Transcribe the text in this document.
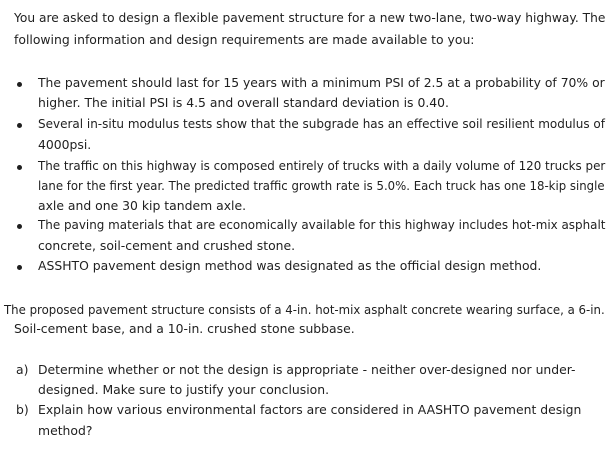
You are asked to design a flexible pavement structure for a new two-lane, two-way highway. The
following information and design requirements are made available to you:
The pavement should last for 15 years with a minimum PSI of 2.5 at a probability of 70% or
higher. The initial PSI is 4.5 and overall standard deviation is 0.40.
Several in-situ modulus tests show that the subgrade has an effective soil resilient modulus of
4000psi.
The traffic on this highway is composed entirely of trucks with a daily volume of 120 trucks per
lane for the first year. The predicted traffic growth rate is 5.0%. Each truck has one 18-kip single
axle and one 30 kip tandem axle.
The paving materials that are economically available for this highway includes hot-mix asphalt
concrete, soil-cement and crushed stone.
ASSHTO pavement design method was designated as the official design method.
The proposed pavement structure consists of a 4-in. hot-mix asphalt concrete wearing surface, a 6-in.
Soil-cement base, and a 10-in. crushed stone subbase.
a) Determine whether or not the design is appropriate - neither over-designed nor under-
designed. Make sure to justify your conclusion.
b) Explain how various environmental factors are considered in AASHTO pavement design
method?
